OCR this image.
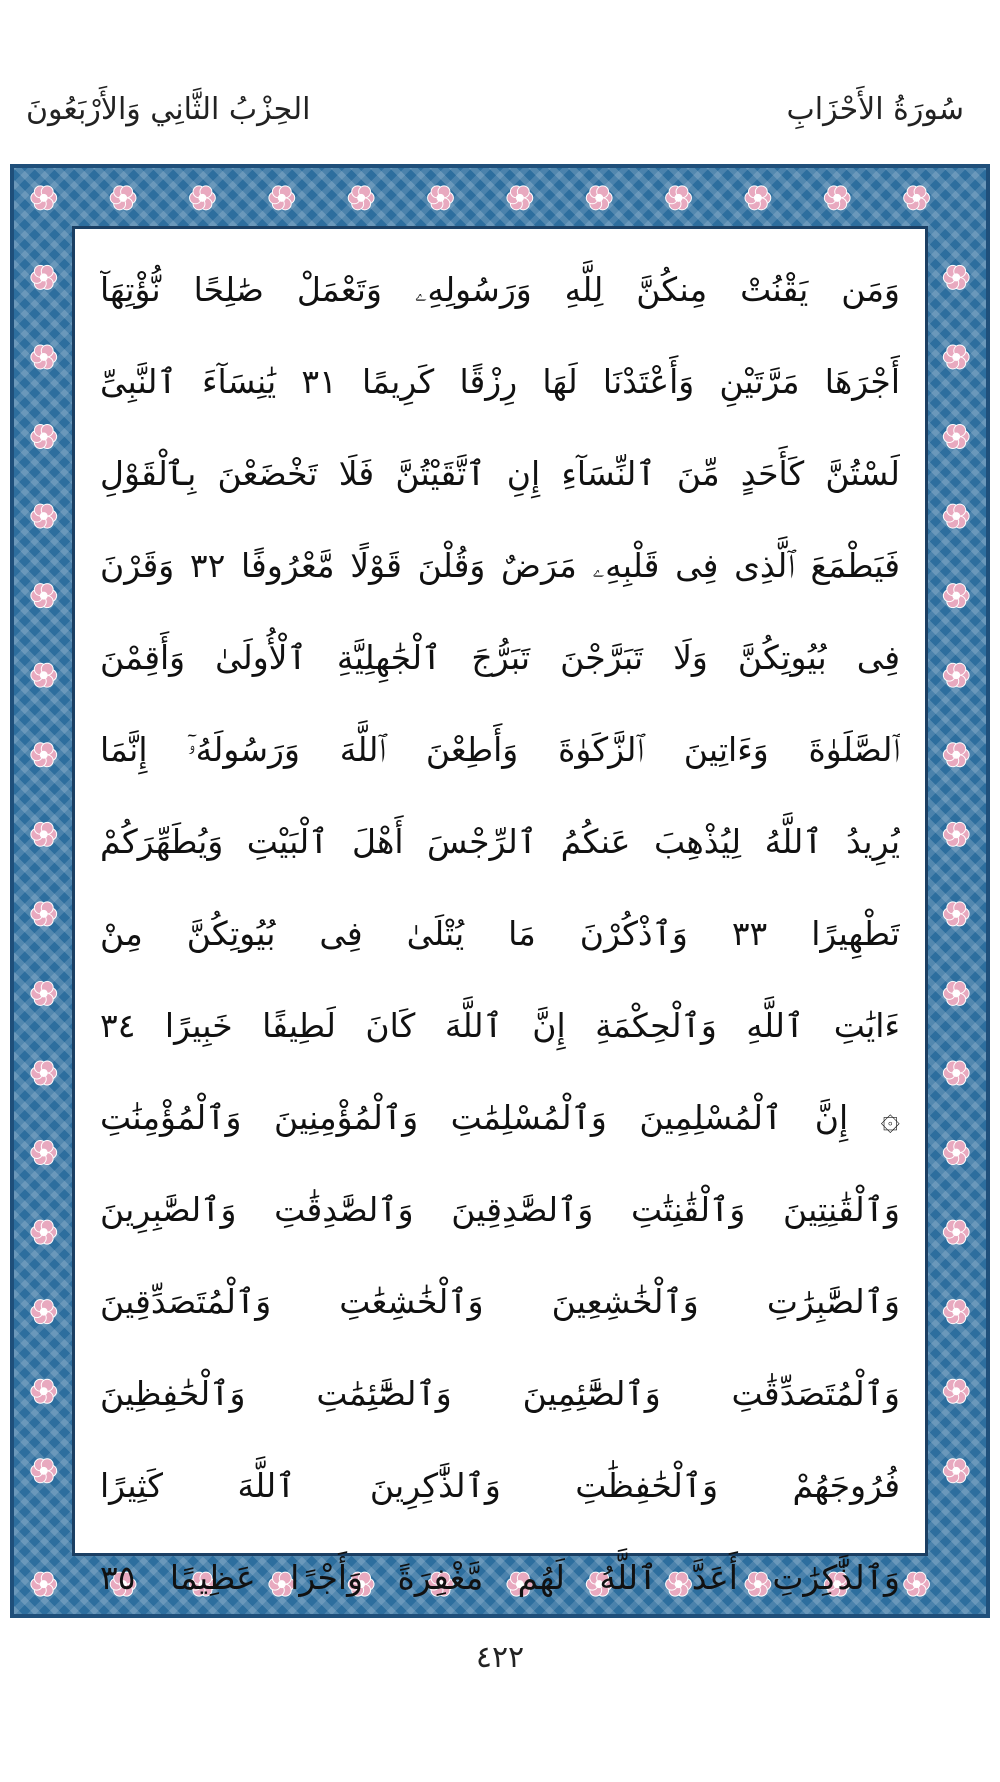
سُورَةُ الأَحْزَابِ
الحِزْبُ الثَّانِي وَالأَرْبَعُونَ
وَمَن يَقْنُتْ مِنكُنَّ لِلَّهِ وَرَسُولِهِۦ وَتَعْمَلْ صَٰلِحًا نُّؤْتِهَآ
أَجْرَهَا مَرَّتَيْنِ وَأَعْتَدْنَا لَهَا رِزْقًا كَرِيمًا ٣١ يَٰنِسَآءَ ٱلنَّبِىِّ
لَسْتُنَّ كَأَحَدٍ مِّنَ ٱلنِّسَآءِ إِنِ ٱتَّقَيْتُنَّ فَلَا تَخْضَعْنَ بِٱلْقَوْلِ
فَيَطْمَعَ ٱلَّذِى فِى قَلْبِهِۦ مَرَضٌ وَقُلْنَ قَوْلًا مَّعْرُوفًا ٣٢ وَقَرْنَ
فِى بُيُوتِكُنَّ وَلَا تَبَرَّجْنَ تَبَرُّجَ ٱلْجَٰهِلِيَّةِ ٱلْأُولَىٰ وَأَقِمْنَ
ٱلصَّلَوٰةَ وَءَاتِينَ ٱلزَّكَوٰةَ وَأَطِعْنَ ٱللَّهَ وَرَسُولَهُۥٓ إِنَّمَا
يُرِيدُ ٱللَّهُ لِيُذْهِبَ عَنكُمُ ٱلرِّجْسَ أَهْلَ ٱلْبَيْتِ وَيُطَهِّرَكُمْ
تَطْهِيرًا ٣٣ وَٱذْكُرْنَ مَا يُتْلَىٰ فِى بُيُوتِكُنَّ مِنْ
ءَايَٰتِ ٱللَّهِ وَٱلْحِكْمَةِ إِنَّ ٱللَّهَ كَانَ لَطِيفًا خَبِيرًا ٣٤
۞ إِنَّ ٱلْمُسْلِمِينَ وَٱلْمُسْلِمَٰتِ وَٱلْمُؤْمِنِينَ وَٱلْمُؤْمِنَٰتِ
وَٱلْقَٰنِتِينَ وَٱلْقَٰنِتَٰتِ وَٱلصَّٰدِقِينَ وَٱلصَّٰدِقَٰتِ وَٱلصَّٰبِرِينَ
وَٱلصَّٰبِرَٰتِ وَٱلْخَٰشِعِينَ وَٱلْخَٰشِعَٰتِ وَٱلْمُتَصَدِّقِينَ
وَٱلْمُتَصَدِّقَٰتِ وَٱلصَّٰٓئِمِينَ وَٱلصَّٰٓئِمَٰتِ وَٱلْحَٰفِظِينَ
فُرُوجَهُمْ وَٱلْحَٰفِظَٰتِ وَٱلذَّٰكِرِينَ ٱللَّهَ كَثِيرًا
وَٱلذَّٰكِرَٰتِ أَعَدَّ ٱللَّهُ لَهُم مَّغْفِرَةً وَأَجْرًا عَظِيمًا ٣٥
٤٢٢
